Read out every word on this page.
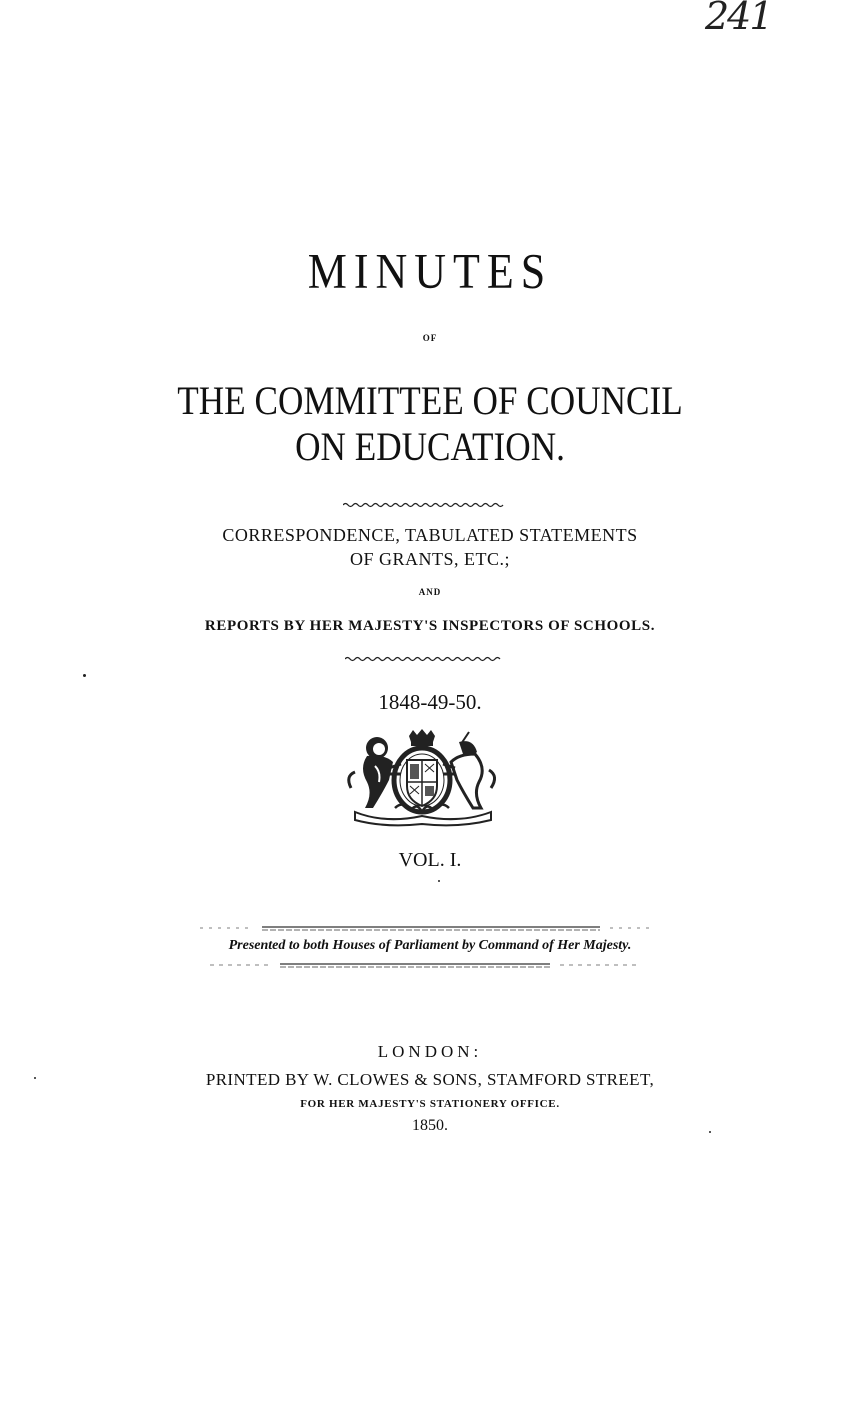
241
MINUTES
OF
THE COMMITTEE OF COUNCIL
ON EDUCATION.
CORRESPONDENCE, TABULATED STATEMENTS
OF GRANTS, ETC.;
AND
REPORTS BY HER MAJESTY'S INSPECTORS OF SCHOOLS.
1848-49-50.
VOL. I.
Presented to both Houses of Parliament by Command of Her Majesty.
LONDON:
PRINTED BY W. CLOWES & SONS, STAMFORD STREET,
FOR HER MAJESTY'S STATIONERY OFFICE.
1850.
